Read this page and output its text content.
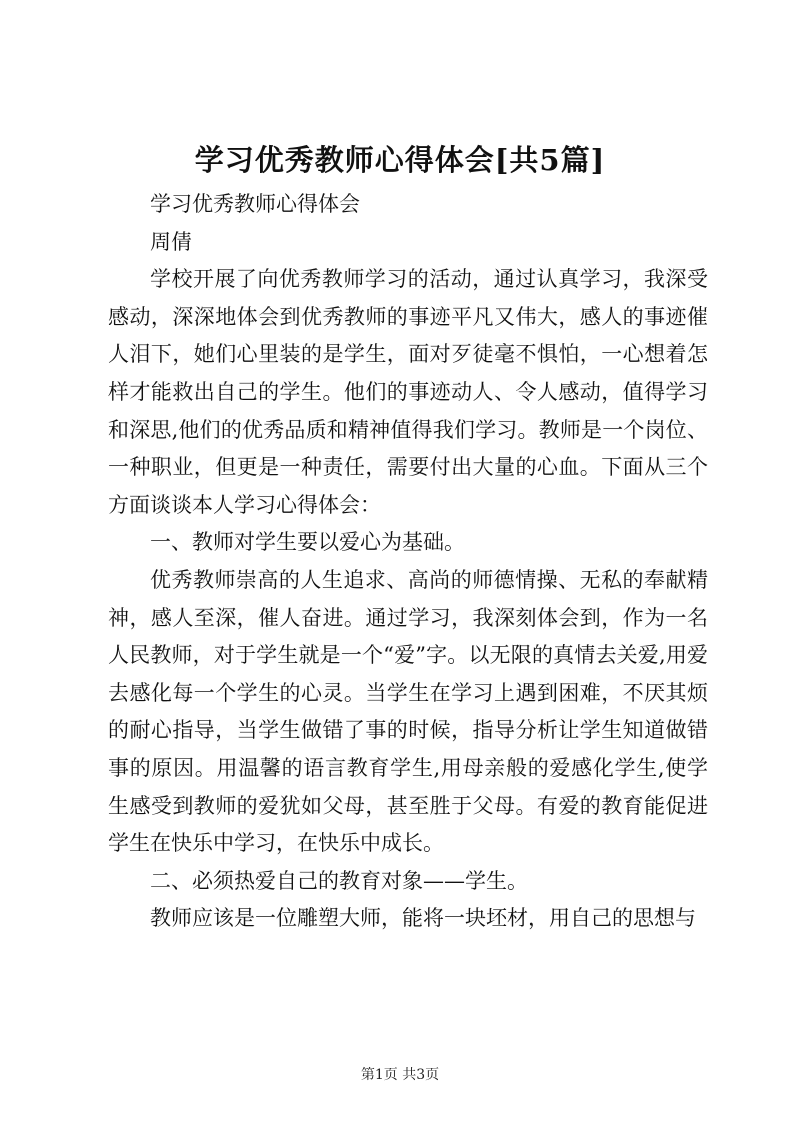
学习优秀教师心得体会[共5篇]

学习优秀教师心得体会

周倩

学校开展了向优秀教师学习的活动，通过认真学习，我深受感动，深深地体会到优秀教师的事迹平凡又伟大，感人的事迹催人泪下，她们心里装的是学生，面对歹徒毫不惧怕，一心想着怎样才能救出自己的学生。他们的事迹动人、令人感动，值得学习和深思,他们的优秀品质和精神值得我们学习。教师是一个岗位、一种职业，但更是一种责任，需要付出大量的心血。下面从三个方面谈谈本人学习心得体会：

一、教师对学生要以爱心为基础。

优秀教师崇高的人生追求、高尚的师德情操、无私的奉献精神，感人至深，催人奋进。通过学习，我深刻体会到，作为一名人民教师，对于学生就是一个“爱”字。以无限的真情去关爱,用爱去感化每一个学生的心灵。当学生在学习上遇到困难，不厌其烦的耐心指导，当学生做错了事的时候，指导分析让学生知道做错事的原因。用温馨的语言教育学生,用母亲般的爱感化学生,使学生感受到教师的爱犹如父母，甚至胜于父母。有爱的教育能促进学生在快乐中学习，在快乐中成长。

二、必须热爱自己的教育对象——学生。

教师应该是一位雕塑大师，能将一块坯材，用自己的思想与

第1页 共3页
